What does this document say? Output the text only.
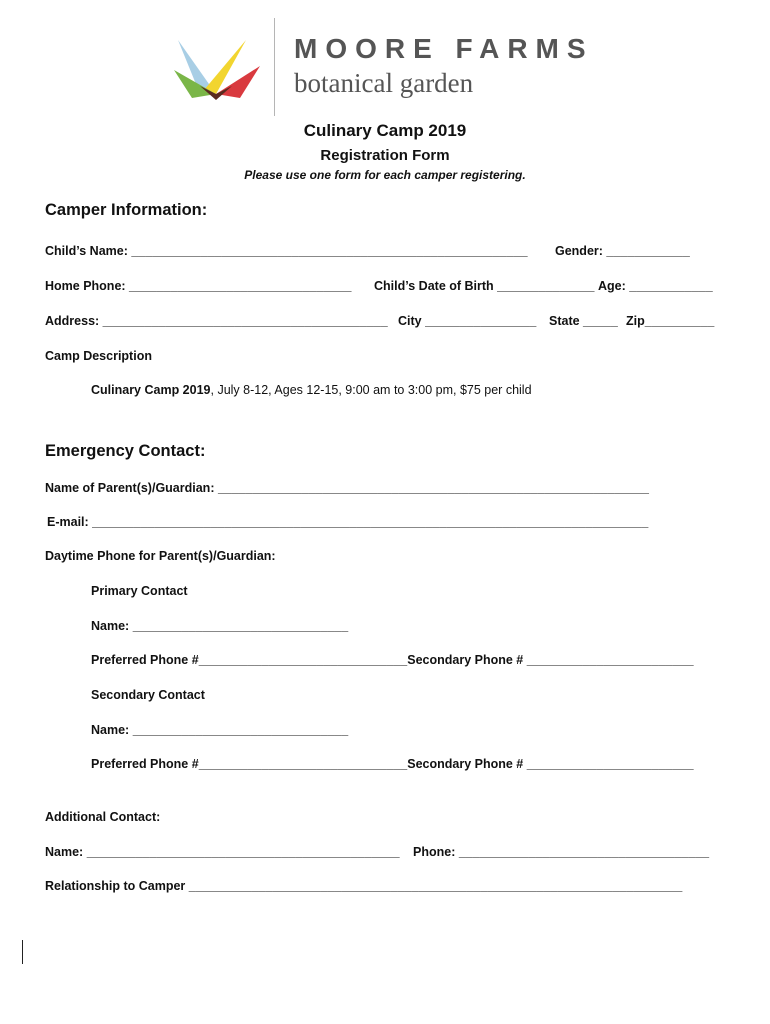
MOORE FARMS
botanical garden
Culinary Camp 2019
Registration Form
Please use one form for each camper registering.
Camper Information:
Child’s Name: _________________________________________________________ Gender: ____________
Home Phone: ________________________________ Child’s Date of Birth ______________ Age: ____________
Address: _________________________________________ City ________________ State _____ Zip__________
Camp Description
Culinary Camp 2019, July 8-12, Ages 12-15, 9:00 am to 3:00 pm, $75 per child
Emergency Contact:
Name of Parent(s)/Guardian: ______________________________________________________________
E-mail: ________________________________________________________________________________
Daytime Phone for Parent(s)/Guardian:
Primary Contact
Name: _______________________________
Preferred Phone #______________________________Secondary Phone # ________________________
Secondary Contact
Name: _______________________________
Preferred Phone #______________________________Secondary Phone # ________________________
Additional Contact:
Name: _____________________________________________ Phone: ____________________________________
Relationship to Camper _______________________________________________________________________
